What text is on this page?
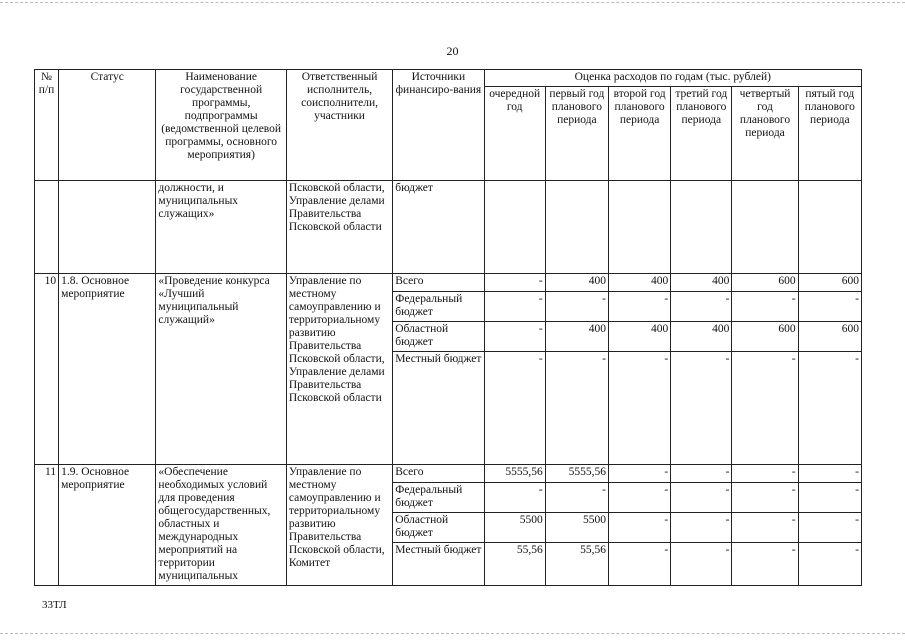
20
№ п/п	Статус	Наименование государственной программы, подпрограммы (ведомственной целевой программы, основного мероприятия)	Ответственный исполнитель, соисполнители, участники	Источники финансиро-вания	Оценка расходов по годам (тыс. рублей)					
					очередной год	первый год планового периода	второй год планового периода	третий год планового периода	четвертый год планового периода	пятый год планового периода
		должности, и муниципальных служащих»	Псковской области, Управление делами Правительства Псковской области	бюджет						
10	1.8. Основное мероприятие	«Проведение конкурса «Лучший муниципальный служащий»	Управление по местному самоуправлению и территориальному развитию Правительства Псковской области, Управление делами Правительства Псковской области	Всего	-	400	400	400	600	600
				Федеральный бюджет	-	-	-	-	-	-
				Областной бюджет	-	400	400	400	600	600
				Местный бюджет	-	-	-	-	-	-
11	1.9. Основное мероприятие	«Обеспечение необходимых условий для проведения общегосударственных, областных и международных мероприятий на территории муниципальных	Управление по местному самоуправлению и территориальному развитию Правительства Псковской области, Комитет	Всего	5555,56	5555,56	-	-	-	-
				Федеральный бюджет	-	-	-	-	-	-
				Областной бюджет	5500	5500	-	-	-	-
				Местный бюджет	55,56	55,56	-	-	-	-
33ТЛ
